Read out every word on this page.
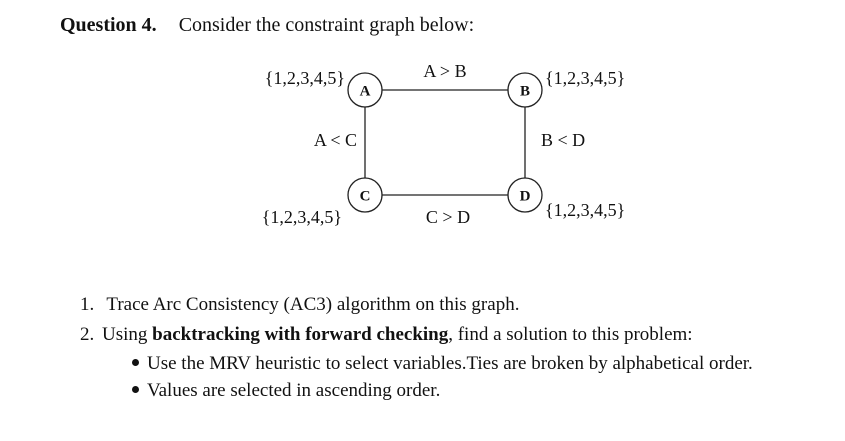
Question 4. Consider the constraint graph below:
A	B
C	D
{1,2,3,4,5}	{1,2,3,4,5}
{1,2,3,4,5}	{1,2,3,4,5}
A > B
A < C	B < D
C > D
1. Trace Arc Consistency (AC3) algorithm on this graph.
2. Using backtracking with forward checking, find a solution to this problem:
Use the MRV heuristic to select variables.Ties are broken by alphabetical order.
Values are selected in ascending order.
